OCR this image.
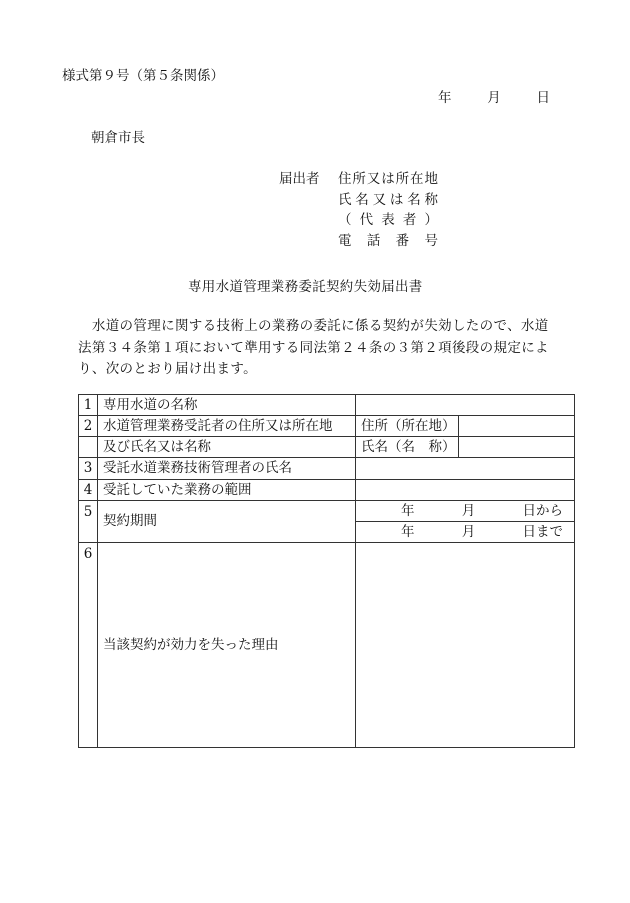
様式第９号（第５条関係）
年	月	日
朝倉市長
届出者 住 所 又 は 所 在 地
氏 名 又 は 名 称
（ 代 表 者 ）
電 話 番 号
専用水道管理業務委託契約失効届出書

　水道の管理に関する技術上の業務の委託に係る契約が失効したので、水道

法第３４条第１項において準用する同法第２４条の３第２項後段の規定によ

り、次のとおり届け出ます。

1	専用水道の名称		
2	水道管理業務受託者の住所又は所在地	住所（所在地）	
	及び氏名又は名称	氏名（名　称）	
3	受託水道業務技術管理者の氏名		
4	受託していた業務の範囲		
5	契約期間	年 月 日から	

		年 月 日まで	

6	当該契約が効力を失った理由		
